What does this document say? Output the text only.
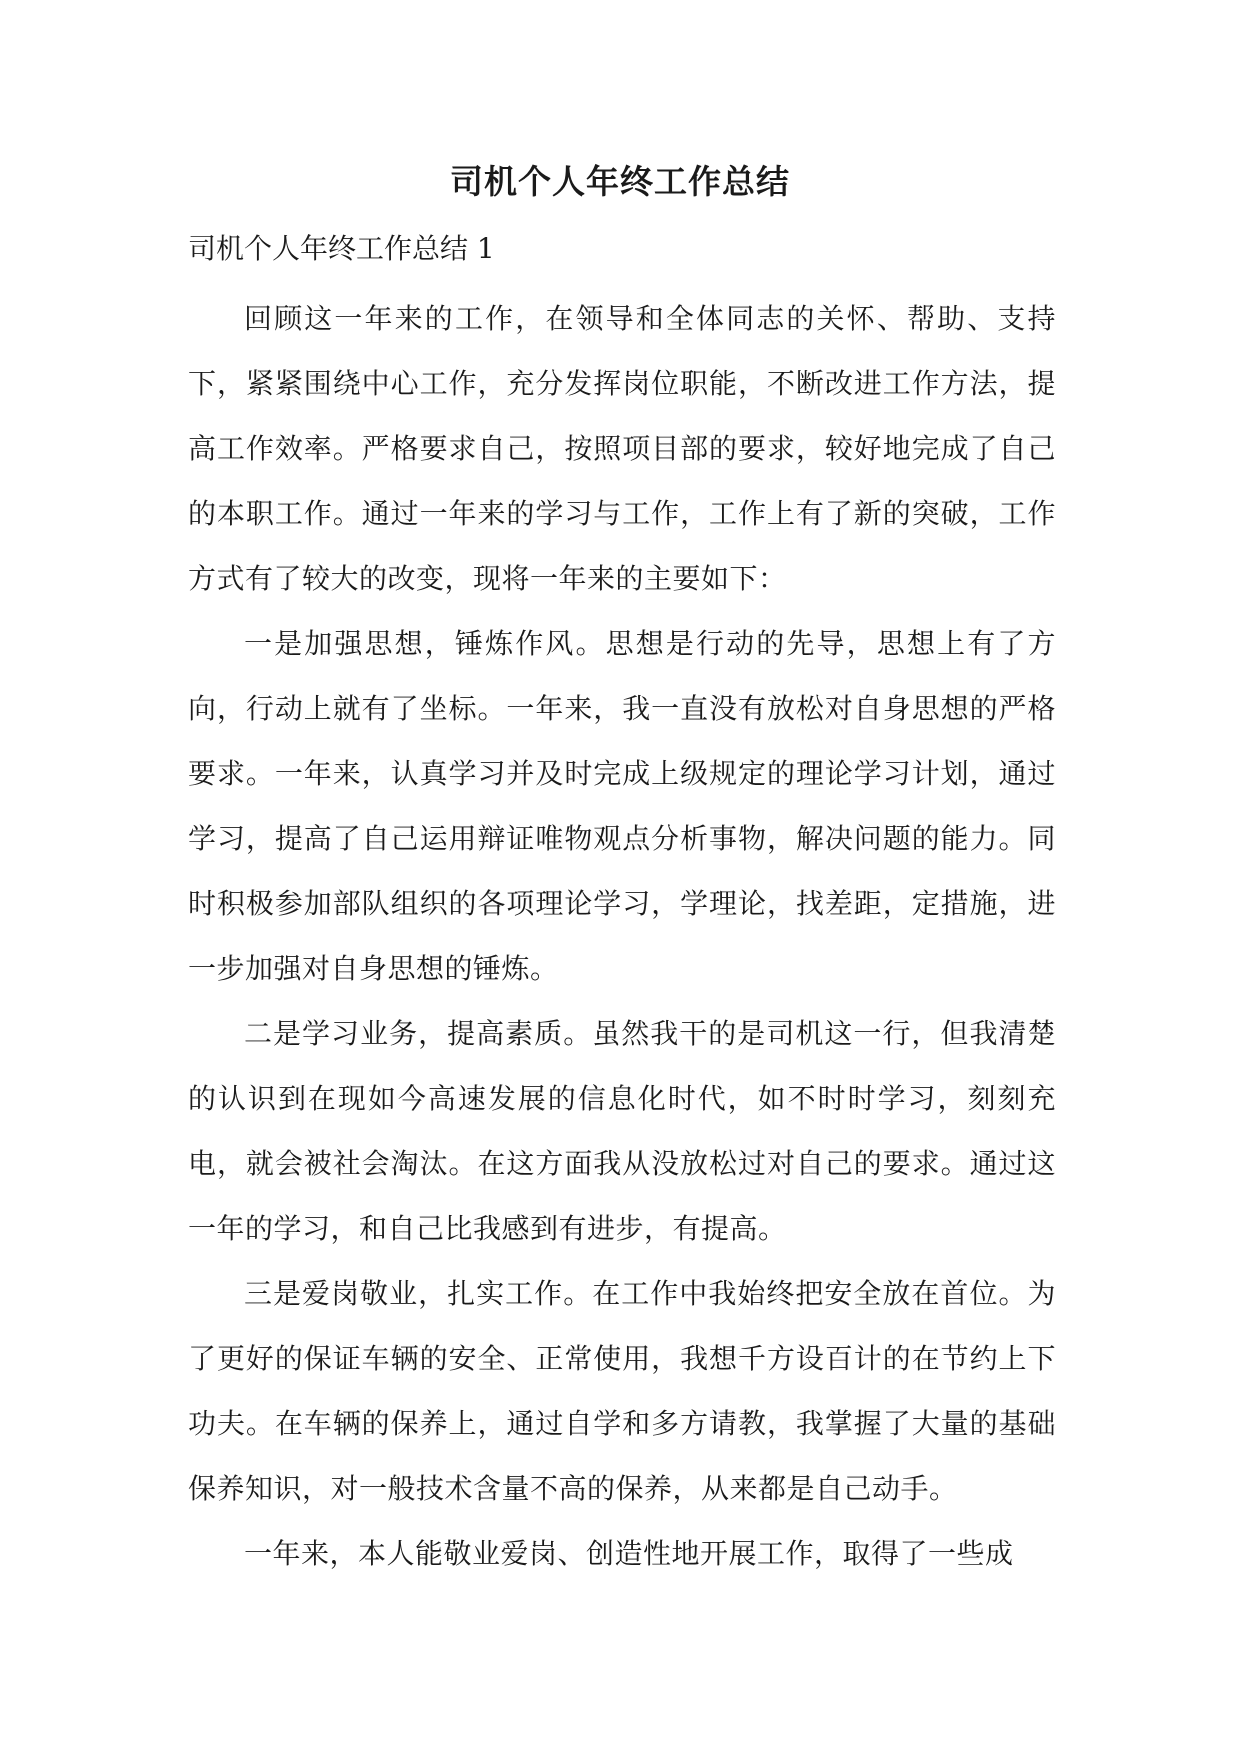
司机个人年终工作总结
司机个人年终工作总结 1

回顾这一年来的工作，在领导和全体同志的关怀、帮助、支持下，紧紧围绕中心工作，充分发挥岗位职能，不断改进工作方法，提高工作效率。严格要求自己，按照项目部的要求，较好地完成了自己的本职工作。通过一年来的学习与工作，工作上有了新的突破，工作方式有了较大的改变，现将一年来的主要如下：

一是加强思想，锤炼作风。思想是行动的先导，思想上有了方向，行动上就有了坐标。一年来，我一直没有放松对自身思想的严格要求。一年来，认真学习并及时完成上级规定的理论学习计划，通过学习，提高了自己运用辩证唯物观点分析事物，解决问题的能力。同时积极参加部队组织的各项理论学习，学理论，找差距，定措施，进一步加强对自身思想的锤炼。

二是学习业务，提高素质。虽然我干的是司机这一行，但我清楚的认识到在现如今高速发展的信息化时代，如不时时学习，刻刻充电，就会被社会淘汰。在这方面我从没放松过对自己的要求。通过这一年的学习，和自己比我感到有进步，有提高。

三是爱岗敬业，扎实工作。在工作中我始终把安全放在首位。为了更好的保证车辆的安全、正常使用，我想千方设百计的在节约上下功夫。在车辆的保养上，通过自学和多方请教，我掌握了大量的基础保养知识，对一般技术含量不高的保养，从来都是自己动手。

一年来，本人能敬业爱岗、创造性地开展工作，取得了一些成
